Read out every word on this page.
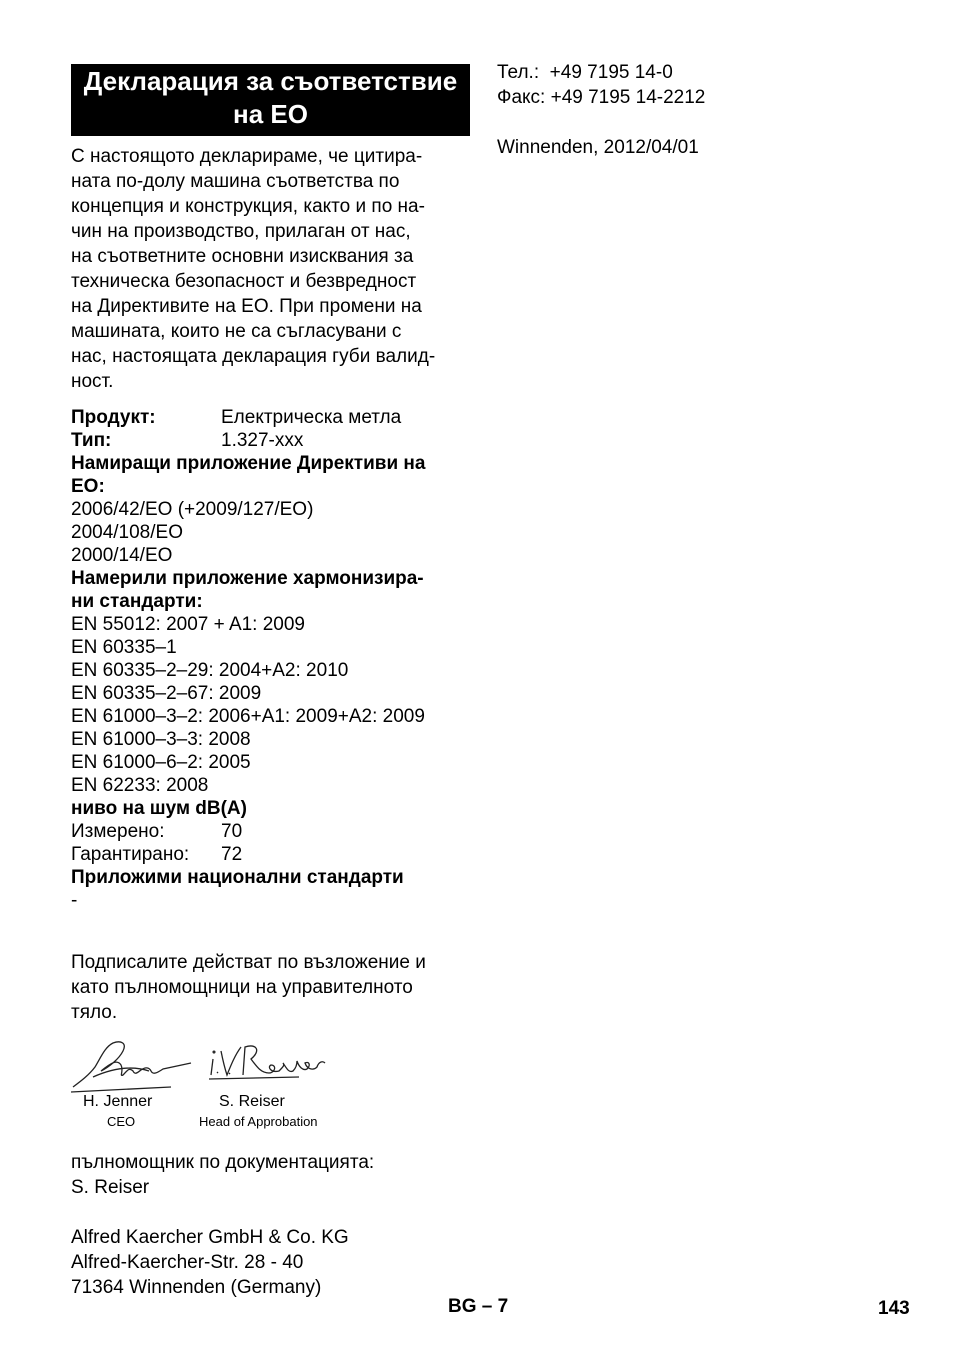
Декларация за съответствие
на ЕО
С настоящото декларираме, че цитира-
ната по-долу машина съответства по
концепция и конструкция, както и по на-
чин на производство, прилаган от нас,
на съответните основни изисквания за
техническа безопасност и безвредност
на Директивите на ЕО. При промени на
машината, които не са съгласувани с
нас, настоящата декларация губи валид-
ност.
Продукт:	Електрическа метла
Тип:	1.327-xxx
Намиращи приложение Директиви на
ЕО:
2006/42/ЕО (+2009/127/ЕО)
2004/108/ЕО
2000/14/ЕО
Намерили приложение хармонизира-
ни стандарти:
EN 55012: 2007 + A1: 2009
EN 60335–1
EN 60335–2–29: 2004+A2: 2010
EN 60335–2–67: 2009
EN 61000–3–2: 2006+A1: 2009+A2: 2009
EN 61000–3–3: 2008
EN 61000–6–2: 2005
EN 62233: 2008
ниво на шум dB(A)
Измерено:	70
Гарантирано:	72
Приложими национални стандарти
-
Подписалите действат по възложение и
като пълномощници на управителното
тяло.
H. Jenner
CEO
S. Reiser
Head of Approbation
пълномощник по документацията:
S. Reiser
Alfred Kaercher GmbH & Co. KG
Alfred-Kaercher-Str. 28 - 40
71364 Winnenden (Germany)
Тел.:  +49 7195 14-0
Факс: +49 7195 14-2212
Winnenden, 2012/04/01
BG – 7	143
